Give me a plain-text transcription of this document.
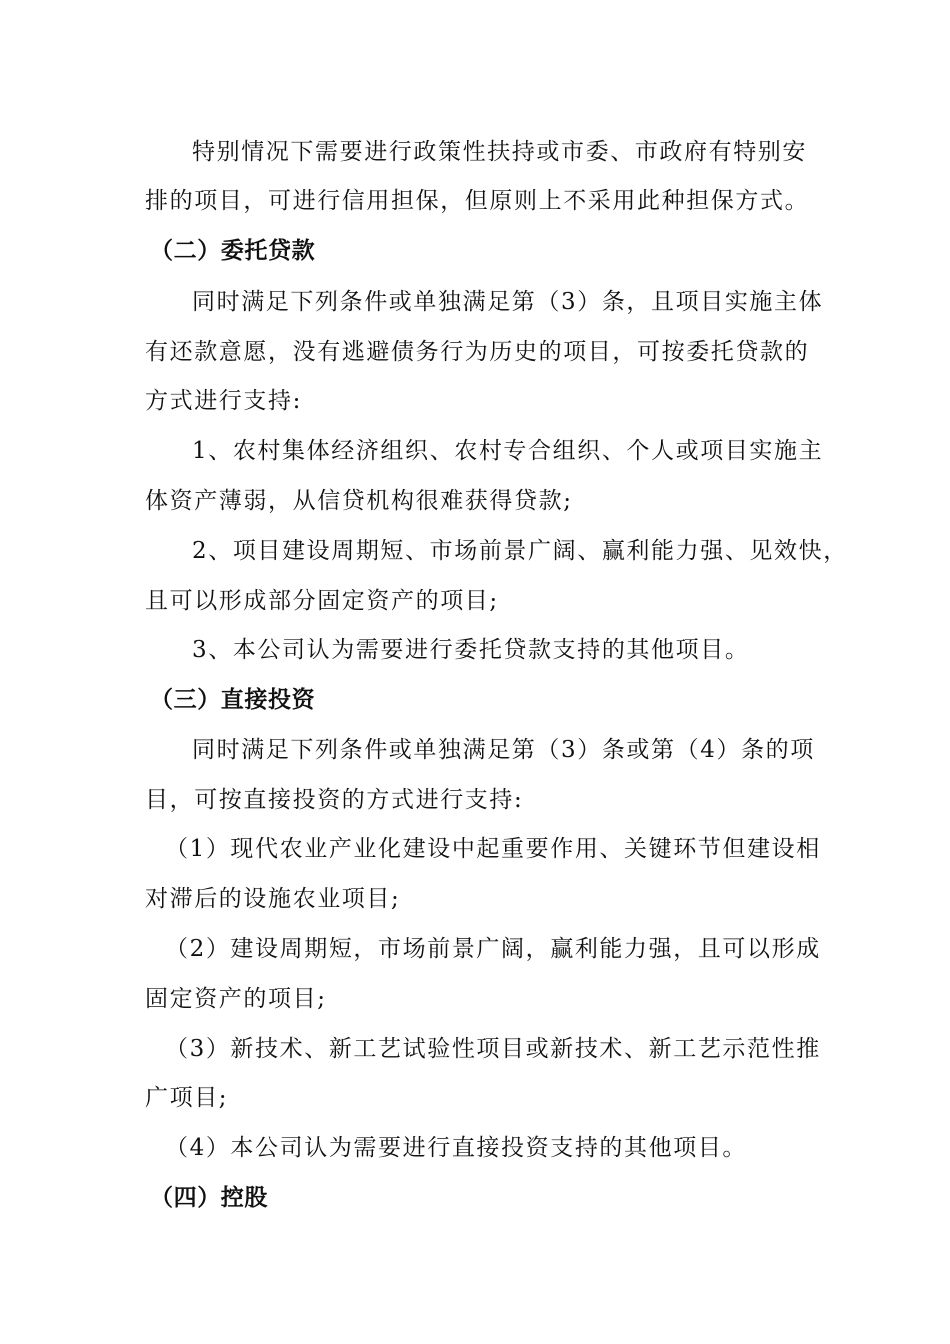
特别情况下需要进行政策性扶持或市委、市政府有特别安
排的项目，可进行信用担保，但原则上不采用此种担保方式。
（二）委托贷款
同时满足下列条件或单独满足第（3）条，且项目实施主体
有还款意愿，没有逃避债务行为历史的项目，可按委托贷款的
方式进行支持:
1、农村集体经济组织、农村专合组织、个人或项目实施主
体资产薄弱，从信贷机构很难获得贷款;
2、项目建设周期短、市场前景广阔、赢利能力强、见效快，
且可以形成部分固定资产的项目;
3、本公司认为需要进行委托贷款支持的其他项目。
（三）直接投资
同时满足下列条件或单独满足第（3）条或第（4）条的项
目，可按直接投资的方式进行支持:
（1）现代农业产业化建设中起重要作用、关键环节但建设相
对滞后的设施农业项目;
（2）建设周期短，市场前景广阔，赢利能力强，且可以形成
固定资产的项目;
（3）新技术、新工艺试验性项目或新技术、新工艺示范性推
广项目;
（4）本公司认为需要进行直接投资支持的其他项目。
（四）控股
